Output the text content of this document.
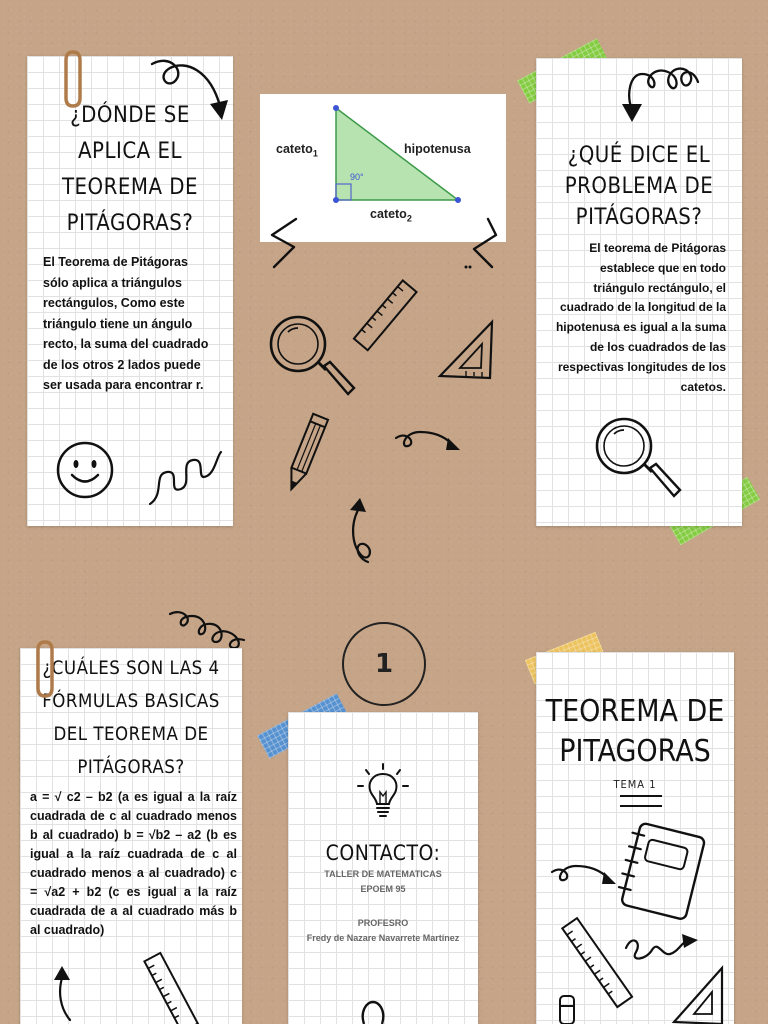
¿DÓNDE SE
APLICA EL
TEOREMA DE
PITÁGORAS?
El Teorema de Pitágoras sólo aplica a triángulos rectángulos, Como este triángulo tiene un ángulo recto, la suma del cuadrado de los otros 2 lados puede ser usada para encontrar r.
cateto$_1$	hipotenusa
90°
cateto$_2$
¿QUÉ DICE EL
PROBLEMA DE
PITÁGORAS?
El teorema de Pitágoras establece que en todo triángulo rectángulo, el cuadrado de la longitud de la hipotenusa es igual a la suma de los cuadrados de las respectivas longitudes de los catetos.
1
¿CUÁLES SON LAS 4
FÓRMULAS BASICAS
DEL TEOREMA DE
PITÁGORAS?
a = √ c2 – b2 (a es igual a la raíz cuadrada de c al cuadrado menos b al cuadrado) b = √b2 – a2 (b es igual a la raíz cuadrada de c al cuadrado menos a al cuadrado) c = √a2 + b2 (c es igual a la raíz cuadrada de a al cuadrado más b al cuadrado)
CONTACTO:
TALLER DE MATEMATICAS
EPOEM 95
PROFESRO
Fredy de Nazare Navarrete Martínez
TEOREMA DE
PITAGORAS
TEMA 1
